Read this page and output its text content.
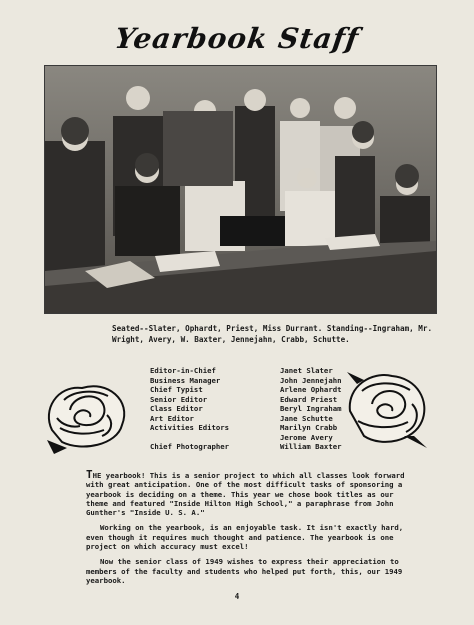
Yearbook Staff
Seated--Slater, Ophardt, Priest, Miss Durrant. Standing--Ingraham, Mr. Wright, Avery, W. Baxter, Jennejahn, Crabb, Schutte.
Editor-in-Chief	Janet Slater
Business Manager	John Jennejahn
Chief Typist	Arlene Ophardt
Senior Editor	Edward Priest
Class Editor	Beryl Ingraham
Art Editor	Jane Schutte
Activities Editors	Marilyn Crabb
Jerome Avery
Chief Photographer	William Baxter

THE yearbook! This is a senior project to which all classes look forward with great anticipation. One of the most difficult tasks of sponsoring a yearbook is deciding on a theme. This year we chose book titles as our theme and featured "Inside Hilton High School," a paraphrase from John Gunther's "Inside U. S. A."

Working on the yearbook, is an enjoyable task. It isn't exactly hard, even though it requires much thought and patience. The yearbook is one project on which accuracy must excel!

Now the senior class of 1949 wishes to express their appreciation to members of the faculty and students who helped put forth, this, our 1949 yearbook.

4
